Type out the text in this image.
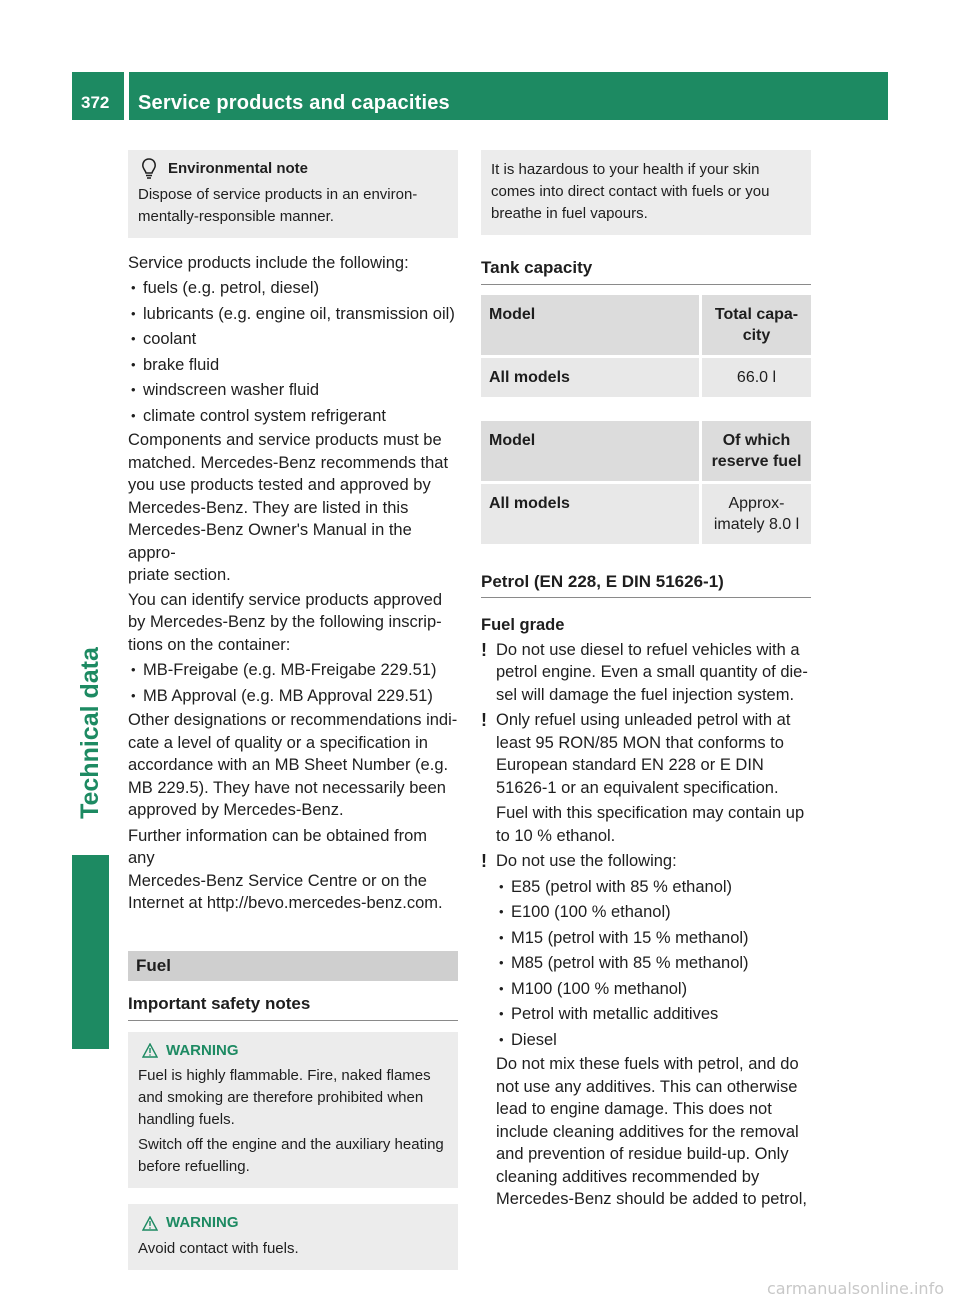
372	Service products and capacities
Technical data
Environmental note

Dispose of service products in an environ-

mentally-responsible manner.

Service products include the following:

• fuels (e.g. petrol, diesel)
• lubricants (e.g. engine oil, transmission oil)
• coolant
• brake fluid
• windscreen washer fluid
• climate control system refrigerant

Components and service products must be

matched. Mercedes-Benz recommends that

you use products tested and approved by

Mercedes-Benz. They are listed in this

Mercedes-Benz Owner's Manual in the appro-

priate section.

You can identify service products approved

by Mercedes-Benz by the following inscrip-

tions on the container:

• MB-Freigabe (e.g. MB-Freigabe 229.51)
• MB Approval (e.g. MB Approval 229.51)

Other designations or recommendations indi-

cate a level of quality or a specification in

accordance with an MB Sheet Number (e.g.

MB 229.5). They have not necessarily been

approved by Mercedes-Benz.

Further information can be obtained from any

Mercedes-Benz Service Centre or on the

Internet at http://bevo.mercedes-benz.com.

Fuel
Important safety notes
WARNING

Fuel is highly flammable. Fire, naked flames

and smoking are therefore prohibited when

handling fuels.

Switch off the engine and the auxiliary heating

before refuelling.

WARNING

Avoid contact with fuels.

It is hazardous to your health if your skin

comes into direct contact with fuels or you

breathe in fuel vapours.

Tank capacity
Model	Total capa-
city

All models	66.0 l
Model	Of which
reserve fuel

All models	Approx-
imately 8.0 l
Petrol (EN 228, E DIN 51626-1)

Fuel grade

! Do not use diesel to refuel vehicles with a

petrol engine. Even a small quantity of die-

sel will damage the fuel injection system.

! Only refuel using unleaded petrol with at

least 95 RON/85 MON that conforms to

European standard EN 228 or E DIN

51626-1 or an equivalent specification.

Fuel with this specification may contain up

to 10 % ethanol.

! Do not use the following:

• E85 (petrol with 85 % ethanol)
• E100 (100 % ethanol)
• M15 (petrol with 15 % methanol)
• M85 (petrol with 85 % methanol)
• M100 (100 % methanol)
• Petrol with metallic additives
• Diesel

Do not mix these fuels with petrol, and do

not use any additives. This can otherwise

lead to engine damage. This does not

include cleaning additives for the removal

and prevention of residue build-up. Only

cleaning additives recommended by

Mercedes-Benz should be added to petrol,

carmanualsonline.info
